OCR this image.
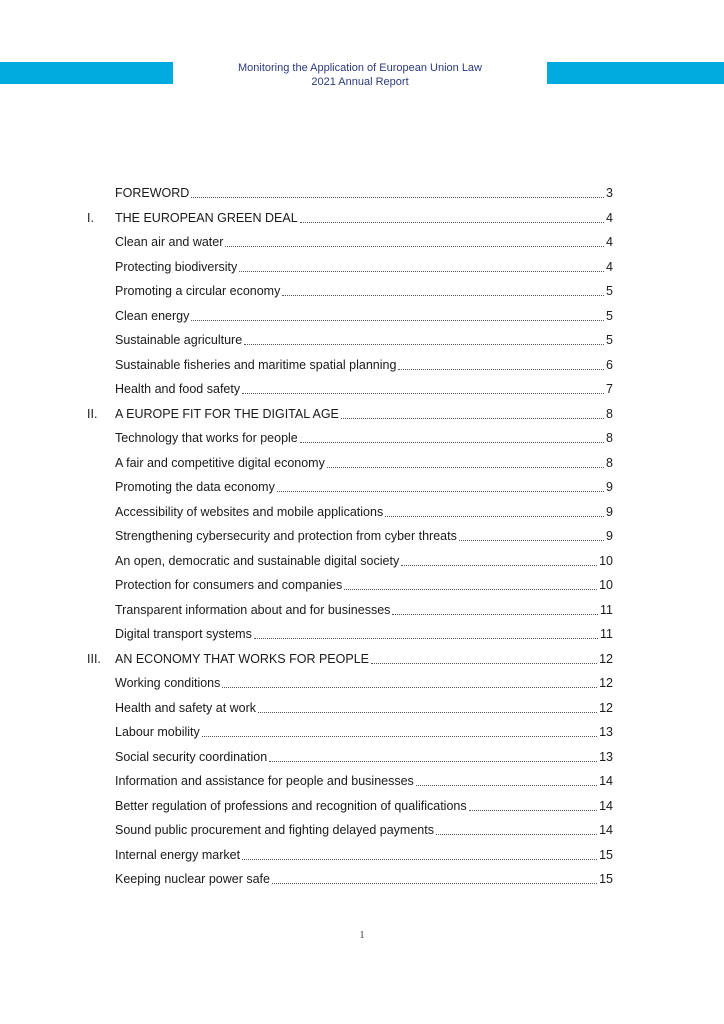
Monitoring the Application of European Union Law
2021 Annual Report
FOREWORD	3
I.	THE EUROPEAN GREEN DEAL	4
Clean air and water	4
Protecting biodiversity	4
Promoting a circular economy	5
Clean energy	5
Sustainable agriculture	5
Sustainable fisheries and maritime spatial planning	6
Health and food safety	7
II.	A EUROPE FIT FOR THE DIGITAL AGE	8
Technology that works for people	8
A fair and competitive digital economy	8
Promoting the data economy	9
Accessibility of websites and mobile applications	9
Strengthening cybersecurity and protection from cyber threats	9
An open, democratic and sustainable digital society	10
Protection for consumers and companies	10
Transparent information about and for businesses	11
Digital transport systems	11
III.	AN ECONOMY THAT WORKS FOR PEOPLE	12
Working conditions	12
Health and safety at work	12
Labour mobility	13
Social security coordination	13
Information and assistance for people and businesses	14
Better regulation of professions and recognition of qualifications	14
Sound public procurement and fighting delayed payments	14
Internal energy market	15
Keeping nuclear power safe	15
1
